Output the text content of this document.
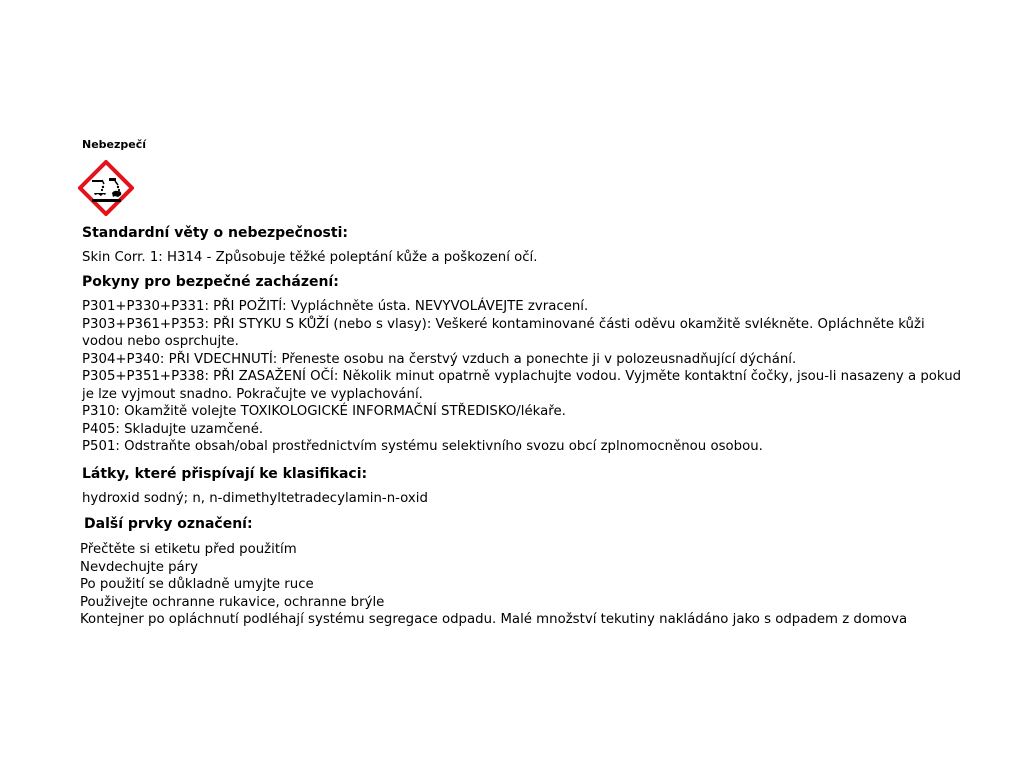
Nebezpečí
Standardní věty o nebezpečnosti:
Skin Corr. 1: H314 - Způsobuje těžké poleptání kůže a poškození očí.
Pokyny pro bezpečné zacházení:
P301+P330+P331: PŘI POŽITÍ: Vypláchněte ústa. NEVYVOLÁVEJTE zvracení.
P303+P361+P353: PŘI STYKU S KŮŽÍ (nebo s vlasy): Veškeré kontaminované části oděvu okamžitě svlékněte. Opláchněte kůži
vodou nebo osprchujte.
P304+P340: PŘI VDECHNUTÍ: Přeneste osobu na čerstvý vzduch a ponechte ji v polozeusnadňující dýchání.
P305+P351+P338: PŘI ZASAŽENÍ OČÍ: Několik minut opatrně vyplachujte vodou. Vyjměte kontaktní čočky, jsou-li nasazeny a pokud
je lze vyjmout snadno. Pokračujte ve vyplachování.
P310: Okamžitě volejte TOXIKOLOGICKÉ INFORMAČNÍ STŘEDISKO/lékaře.
P405: Skladujte uzamčené.
P501: Odstraňte obsah/obal prostřednictvím systému selektivního svozu obcí zplnomocněnou osobou.
Látky, které přispívají ke klasifikaci:
hydroxid sodný; n, n-dimethyltetradecylamin-n-oxid
Další prvky označení:
Přečtěte si etiketu před použitím
Nevdechujte páry
Po použití se důkladně umyjte ruce
Použivejte ochranne rukavice, ochranne brýle
Kontejner po opláchnutí podléhají systému segregace odpadu. Malé množství tekutiny nakládáno jako s odpadem z domova
